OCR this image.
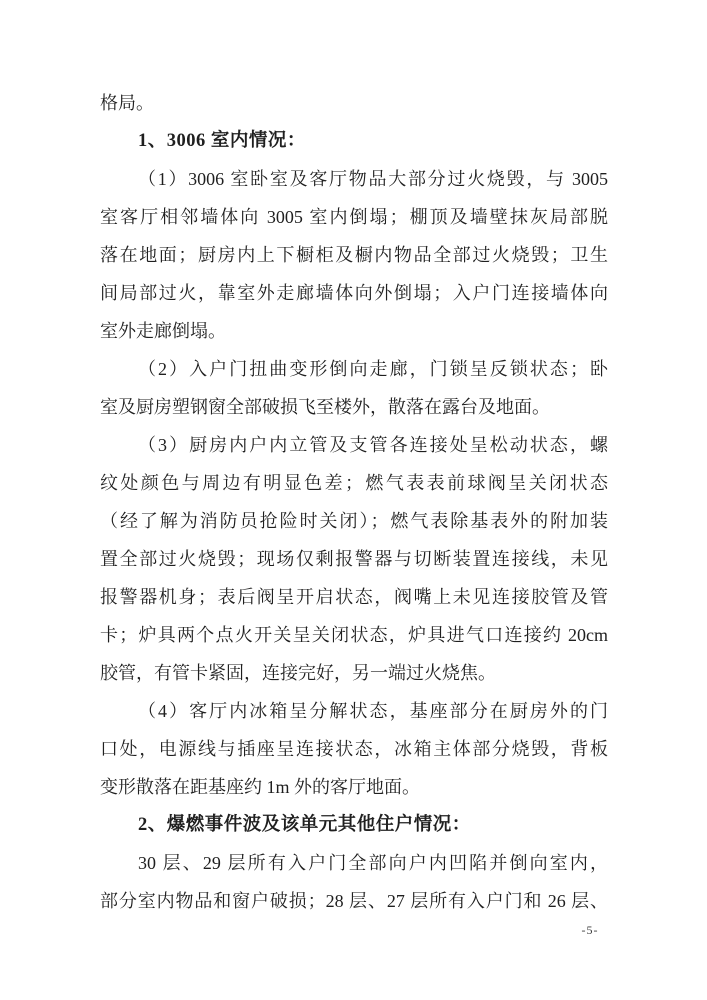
格局。
1、3006 室内情况：
（1）3006 室卧室及客厅物品大部分过火烧毁，与 3005
室客厅相邻墙体向 3005 室内倒塌；棚顶及墙壁抹灰局部脱
落在地面；厨房内上下橱柜及橱内物品全部过火烧毁；卫生
间局部过火，靠室外走廊墙体向外倒塌；入户门连接墙体向
室外走廊倒塌。
（2）入户门扭曲变形倒向走廊，门锁呈反锁状态；卧
室及厨房塑钢窗全部破损飞至楼外，散落在露台及地面。
（3）厨房内户内立管及支管各连接处呈松动状态，螺
纹处颜色与周边有明显色差；燃气表表前球阀呈关闭状态
（经了解为消防员抢险时关闭）；燃气表除基表外的附加装
置全部过火烧毁；现场仅剩报警器与切断装置连接线，未见
报警器机身；表后阀呈开启状态，阀嘴上未见连接胶管及管
卡；炉具两个点火开关呈关闭状态，炉具进气口连接约 20cm
胶管，有管卡紧固，连接完好，另一端过火烧焦。
（4）客厅内冰箱呈分解状态，基座部分在厨房外的门
口处，电源线与插座呈连接状态，冰箱主体部分烧毁，背板
变形散落在距基座约 1m 外的客厅地面。
2、爆燃事件波及该单元其他住户情况：
30 层、29 层所有入户门全部向户内凹陷并倒向室内，
部分室内物品和窗户破损；28 层、27 层所有入户门和 26 层、
-5-
